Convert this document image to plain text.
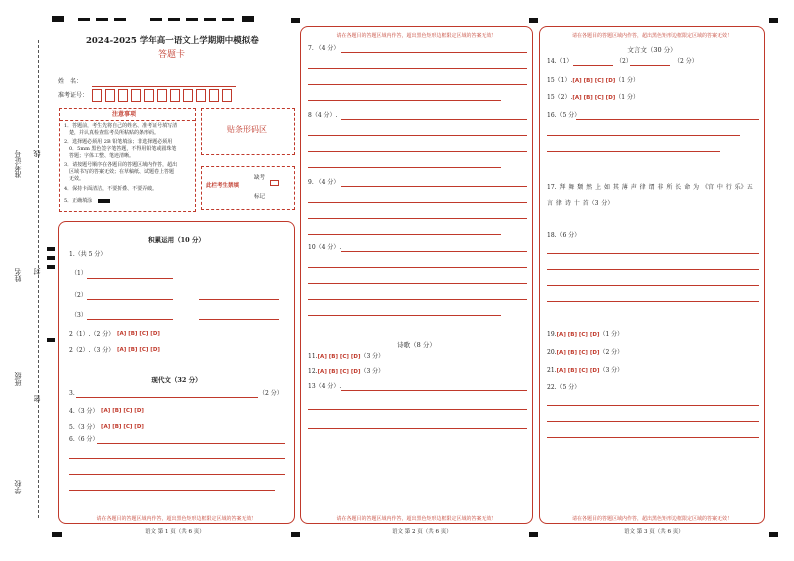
准考证号 线
姓名 封
班级
密
学校
2024-2025 学年高一语文上学期期中模拟卷
答题卡
姓　名：
准考证号：
注意事项
1．答题前，考生先将自己的姓名、准考证号填写清
　楚，并认真检查监考员所粘贴的条形码。
2．选择题必须用 2B 铅笔填涂；非选择题必须用
　0．5mm 黑色签字笔答题，不得用铅笔或圆珠笔
　答题；字体工整、笔迹清晰。
3．请按题号顺序在各题目的答题区域内作答，超出
　区域书写的答案无效；在草稿纸、试题卷上答题
　无效。
4．保持卡面清洁，不要折叠、不要弄破。
5．正确填涂
贴条形码区
此栏考生禁填
缺考
标记
积累运用（10 分）
1.（共 5 分）
（1）
（2）
（3）
2（1）.（2 分） [A] [B] [C] [D]
2（2）.（3 分） [A] [B] [C] [D]
现代文（32 分）
3.	（2 分）
4.（3 分） [A] [B] [C] [D]
5.（3 分） [A] [B] [C] [D]
6.（6 分）
请在各题目的答题区域内作答，超出黑色矩形边框限定区域的答案无效！
请在各题目的答题区域内作答，超出黑色矩形边框限定区域的答案无效！
7. （4 分）
8（4 分）.
9. （4 分）
10（4 分）.
诗歌（8 分）
11.[A] [B] [C] [D]（3 分）
12.[A] [B] [C] [D]（3 分）
13（4 分）.
请在各题目的答题区域内作答，超出黑色矩形边框限定区域的答案无效！
请在各题目的答题区域内作答，超出黑色矩形边框限定区域的答案无效！
文言文（30 分）
14.（1）	（2）	（2 分）
15（1）.[A] [B] [C] [D]（1 分）
15（2）.[A] [B] [C] [D]（1 分）
16.（5 分）
17. 拜 舞 颓 然 上 如 其 薄 声 律 谓 非 所 长 命 为 《宫 中 行 乐》五 言 律 诗 十 首（3 分）
18.（6 分）
19.[A] [B] [C] [D]（1 分）
20.[A] [B] [C] [D]（2 分）
21.[A] [B] [C] [D]（3 分）
22.（5 分）
请在各题目的答题区域内作答，超出黑色矩形边框限定区域的答案无效！
语文 第 1 页（共 6 页）	语文 第 2 页（共 6 页）	语文 第 3 页（共 6 页）
